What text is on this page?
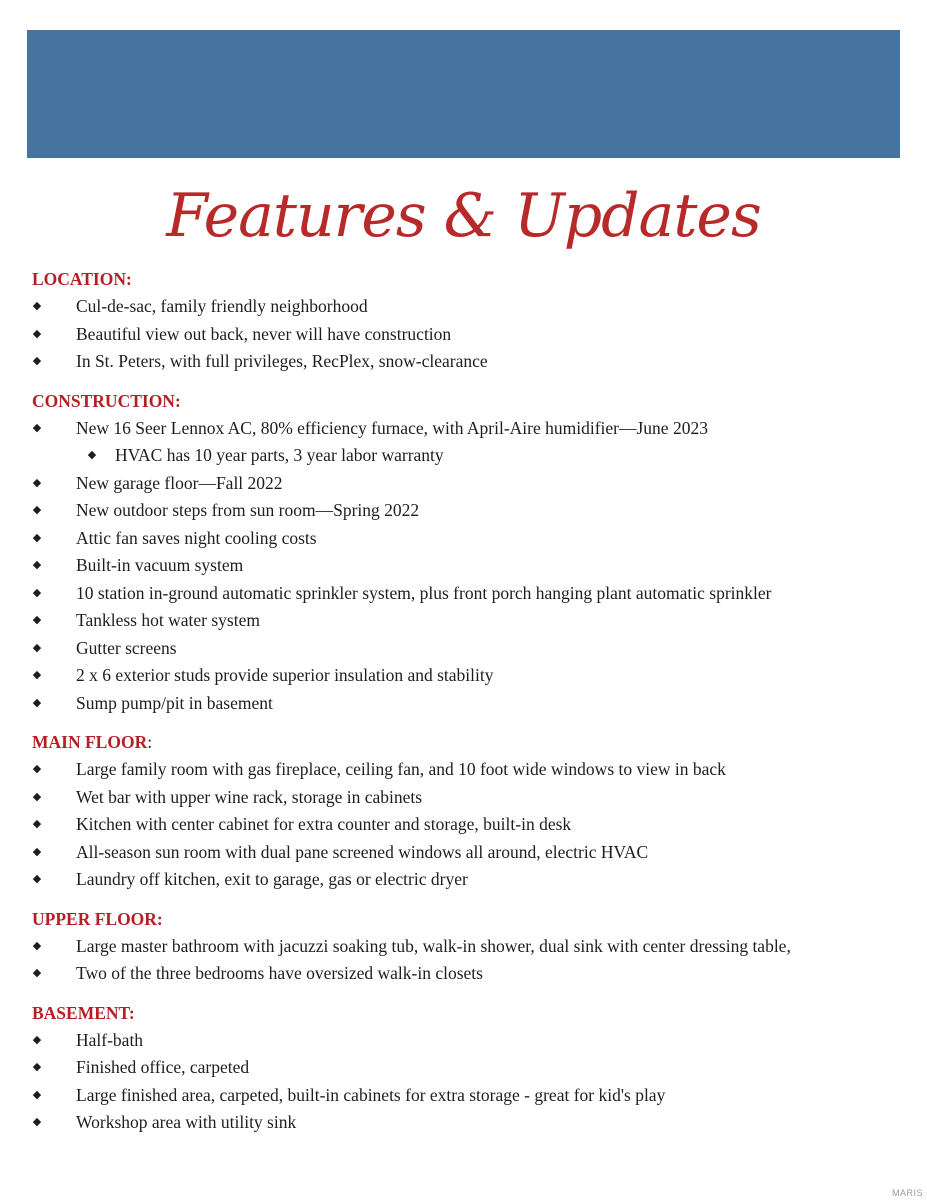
Features & Updates
LOCATION:
◆ Cul-de-sac, family friendly neighborhood
◆ Beautiful view out back, never will have construction
◆ In St. Peters, with full privileges, RecPlex, snow-clearance
CONSTRUCTION:
◆ New 16 Seer Lennox AC, 80% efficiency furnace, with April-Aire humidifier—June 2023
◆ HVAC has 10 year parts, 3 year labor warranty
◆ New garage floor—Fall 2022
◆ New outdoor steps from sun room—Spring 2022
◆ Attic fan saves night cooling costs
◆ Built-in vacuum system
◆ 10 station in-ground automatic sprinkler system, plus front porch hanging plant automatic sprinkler
◆ Tankless hot water system
◆ Gutter screens
◆ 2 x 6 exterior studs provide superior insulation and stability
◆ Sump pump/pit in basement
MAIN FLOOR:
◆ Large family room with gas fireplace, ceiling fan, and 10 foot wide windows to view in back
◆ Wet bar with upper wine rack, storage in cabinets
◆ Kitchen with center cabinet for extra counter and storage, built-in desk
◆ All-season sun room with dual pane screened windows all around, electric HVAC
◆ Laundry off kitchen, exit to garage, gas or electric dryer
UPPER FLOOR:
◆ Large master bathroom with jacuzzi soaking tub, walk-in shower, dual sink with center dressing table,
◆ Two of the three bedrooms have oversized walk-in closets
BASEMENT:
◆ Half-bath
◆ Finished office, carpeted
◆ Large finished area, carpeted, built-in cabinets for extra storage - great for kid's play
◆ Workshop area with utility sink
MARIS
